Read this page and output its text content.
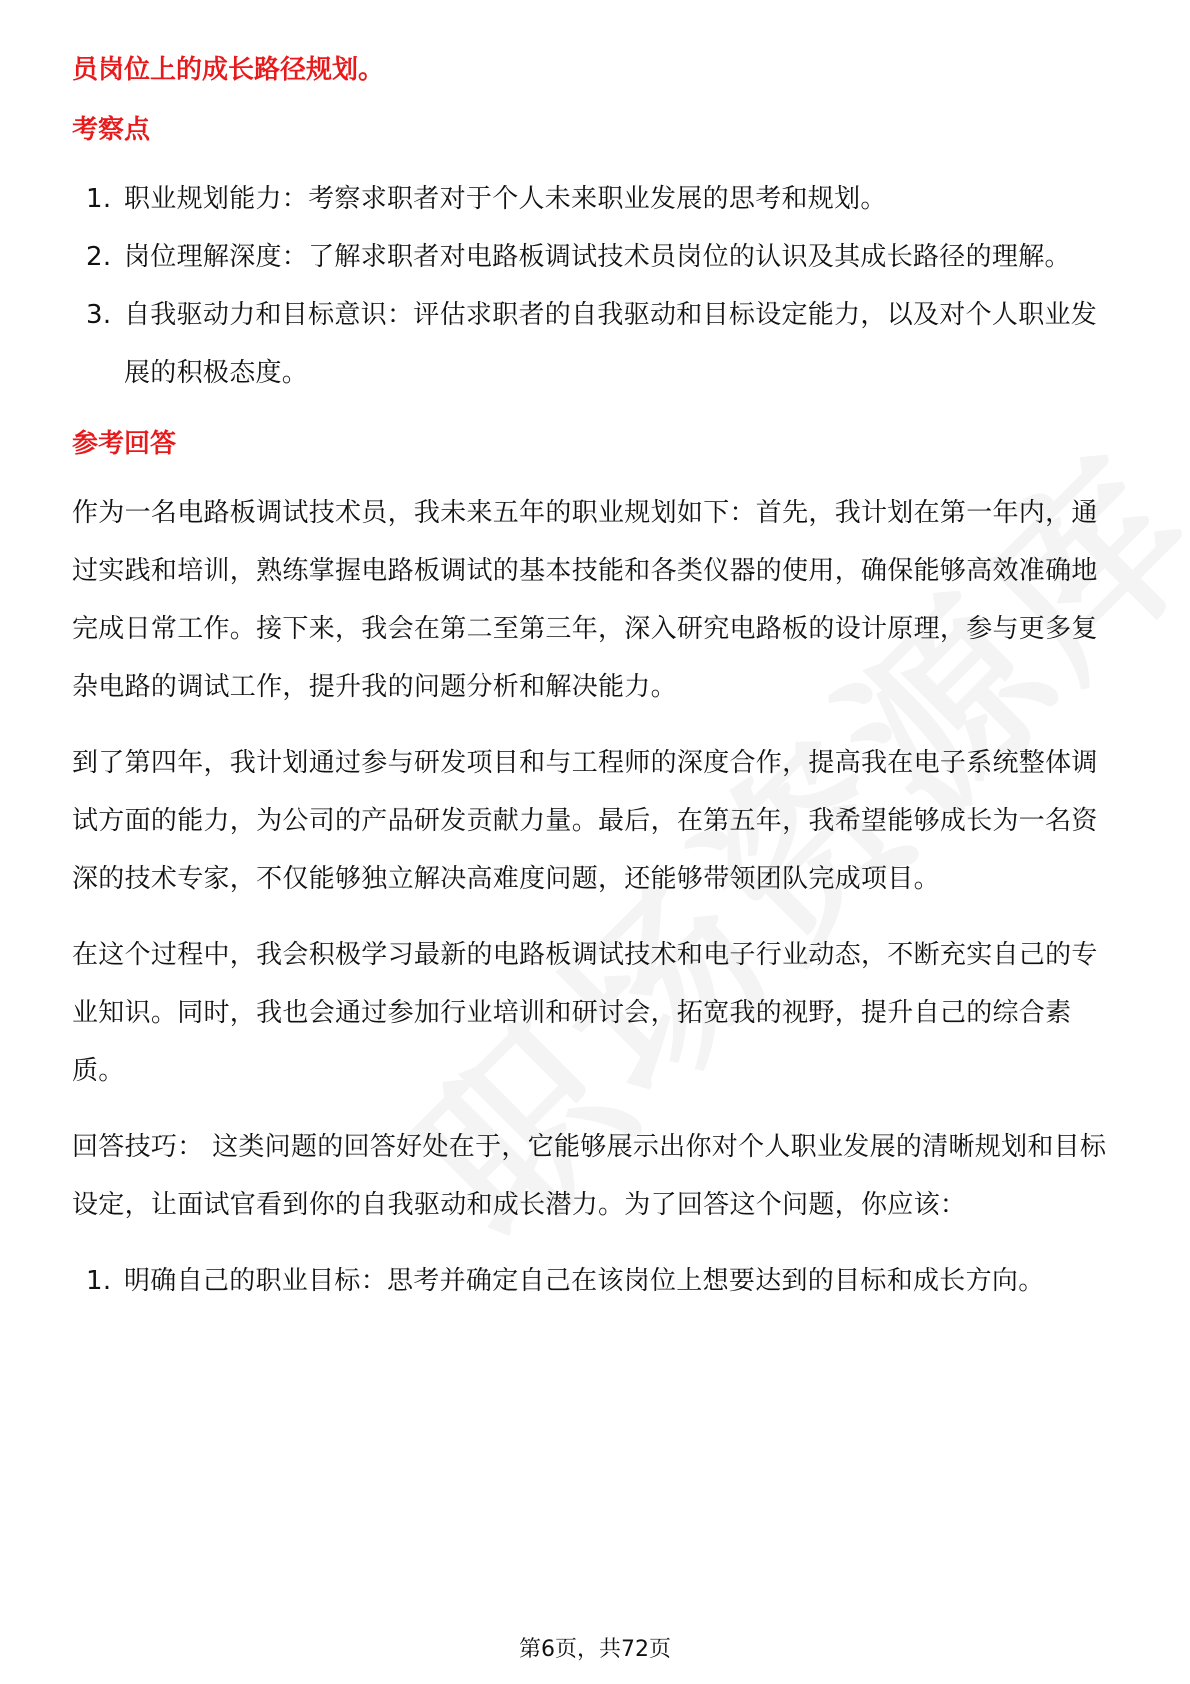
员岗位上的成长路径规划。

考察点

1. 职业规划能力：考察求职者对于个人未来职业发展的思考和规划。
2. 岗位理解深度：了解求职者对电路板调试技术员岗位的认识及其成长路径的理解。
3. 自我驱动力和目标意识：评估求职者的自我驱动和目标设定能力，以及对个人职业发展的积极态度。

参考回答

作为一名电路板调试技术员，我未来五年的职业规划如下：首先，我计划在第一年内，通过实践和培训，熟练掌握电路板调试的基本技能和各类仪器的使用，确保能够高效准确地完成日常工作。接下来，我会在第二至第三年，深入研究电路板的设计原理，参与更多复杂电路的调试工作，提升我的问题分析和解决能力。

到了第四年，我计划通过参与研发项目和与工程师的深度合作，提高我在电子系统整体调试方面的能力，为公司的产品研发贡献力量。最后，在第五年，我希望能够成长为一名资深的技术专家，不仅能够独立解决高难度问题，还能够带领团队完成项目。

在这个过程中，我会积极学习最新的电路板调试技术和电子行业动态，不断充实自己的专业知识。同时，我也会通过参加行业培训和研讨会，拓宽我的视野，提升自己的综合素质。

回答技巧： 这类问题的回答好处在于，它能够展示出你对个人职业发展的清晰规划和目标设定，让面试官看到你的自我驱动和成长潜力。为了回答这个问题，你应该：

1. 明确自己的职业目标：思考并确定自己在该岗位上想要达到的目标和成长方向。
第6页，共72页
